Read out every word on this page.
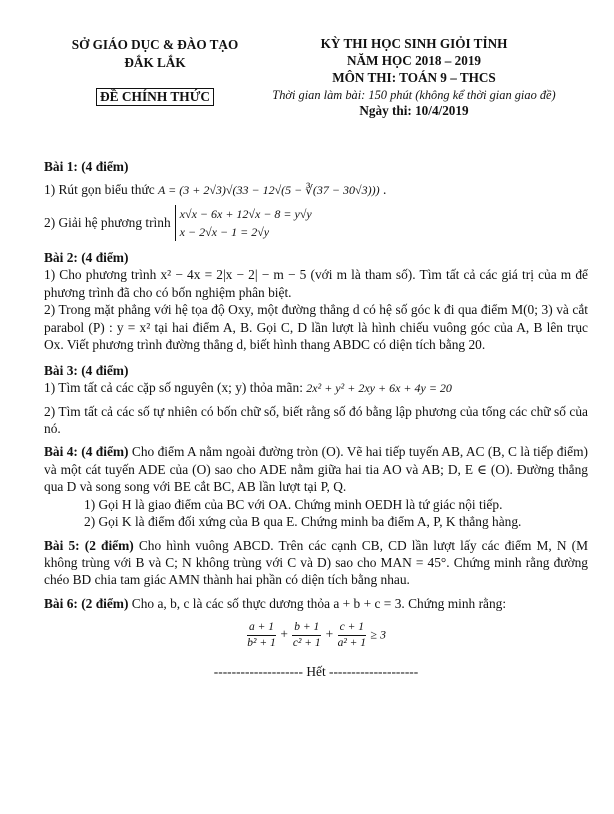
SỞ GIÁO DỤC & ĐÀO TẠO
ĐẮK LẮK
ĐỀ CHÍNH THỨC
KỲ THI HỌC SINH GIỎI TỈNH
NĂM HỌC 2018 – 2019
MÔN THI: TOÁN 9 – THCS
Thời gian làm bài: 150 phút (không kể thời gian giao đề)
Ngày thi: 10/4/2019
Bài 1: (4 điểm)

1) Rút gọn biểu thức A = (3 + 2√3)√(33 − 12√(5 − ∛(37 − 30√3))) .

2) Giải hệ phương trình
x√x − 6x + 12√x − 8 = y√y
x − 2√x − 1 = 2√y

Bài 2: (4 điểm)

1) Cho phương trình x² − 4x = 2|x − 2| − m − 5 (với m là tham số). Tìm tất cả các giá trị của m để phương trình đã cho có bốn nghiệm phân biệt.

2) Trong mặt phẳng với hệ tọa độ Oxy, một đường thẳng d có hệ số góc k đi qua điểm M(0; 3) và cắt parabol (P) : y = x² tại hai điểm A, B. Gọi C, D lần lượt là hình chiếu vuông góc của A, B lên trục Ox. Viết phương trình đường thẳng d, biết hình thang ABDC có diện tích bằng 20.

Bài 3: (4 điểm)

1) Tìm tất cả các cặp số nguyên (x; y) thỏa mãn: 2x² + y² + 2xy + 6x + 4y = 20

2) Tìm tất cả các số tự nhiên có bốn chữ số, biết rằng số đó bằng lập phương của tổng các chữ số của nó.

Bài 4: (4 điểm) Cho điểm A nằm ngoài đường tròn (O). Vẽ hai tiếp tuyến AB, AC (B, C là tiếp điểm) và một cát tuyến ADE của (O) sao cho ADE nằm giữa hai tia AO và AB; D, E ∈ (O). Đường thẳng qua D và song song với BE cắt BC, AB lần lượt tại P, Q.

1) Gọi H là giao điểm của BC với OA. Chứng minh OEDH là tứ giác nội tiếp.

2) Gọi K là điểm đối xứng của B qua E. Chứng minh ba điểm A, P, K thẳng hàng.

Bài 5: (2 điểm) Cho hình vuông ABCD. Trên các cạnh CB, CD lần lượt lấy các điểm M, N (M không trùng với B và C; N không trùng với C và D) sao cho MAN = 45°. Chứng minh rằng đường chéo BD chia tam giác AMN thành hai phần có diện tích bằng nhau.

Bài 6: (2 điểm) Cho a, b, c là các số thực dương thỏa a + b + c = 3. Chứng minh rằng:

$\frac{a + 1}{\text{b² + 1}} + \frac{b + 1}{\text{c² + 1}} + \frac{c + 1}{\text{a² + 1}} \ge 3$
-------------------- Hết --------------------
